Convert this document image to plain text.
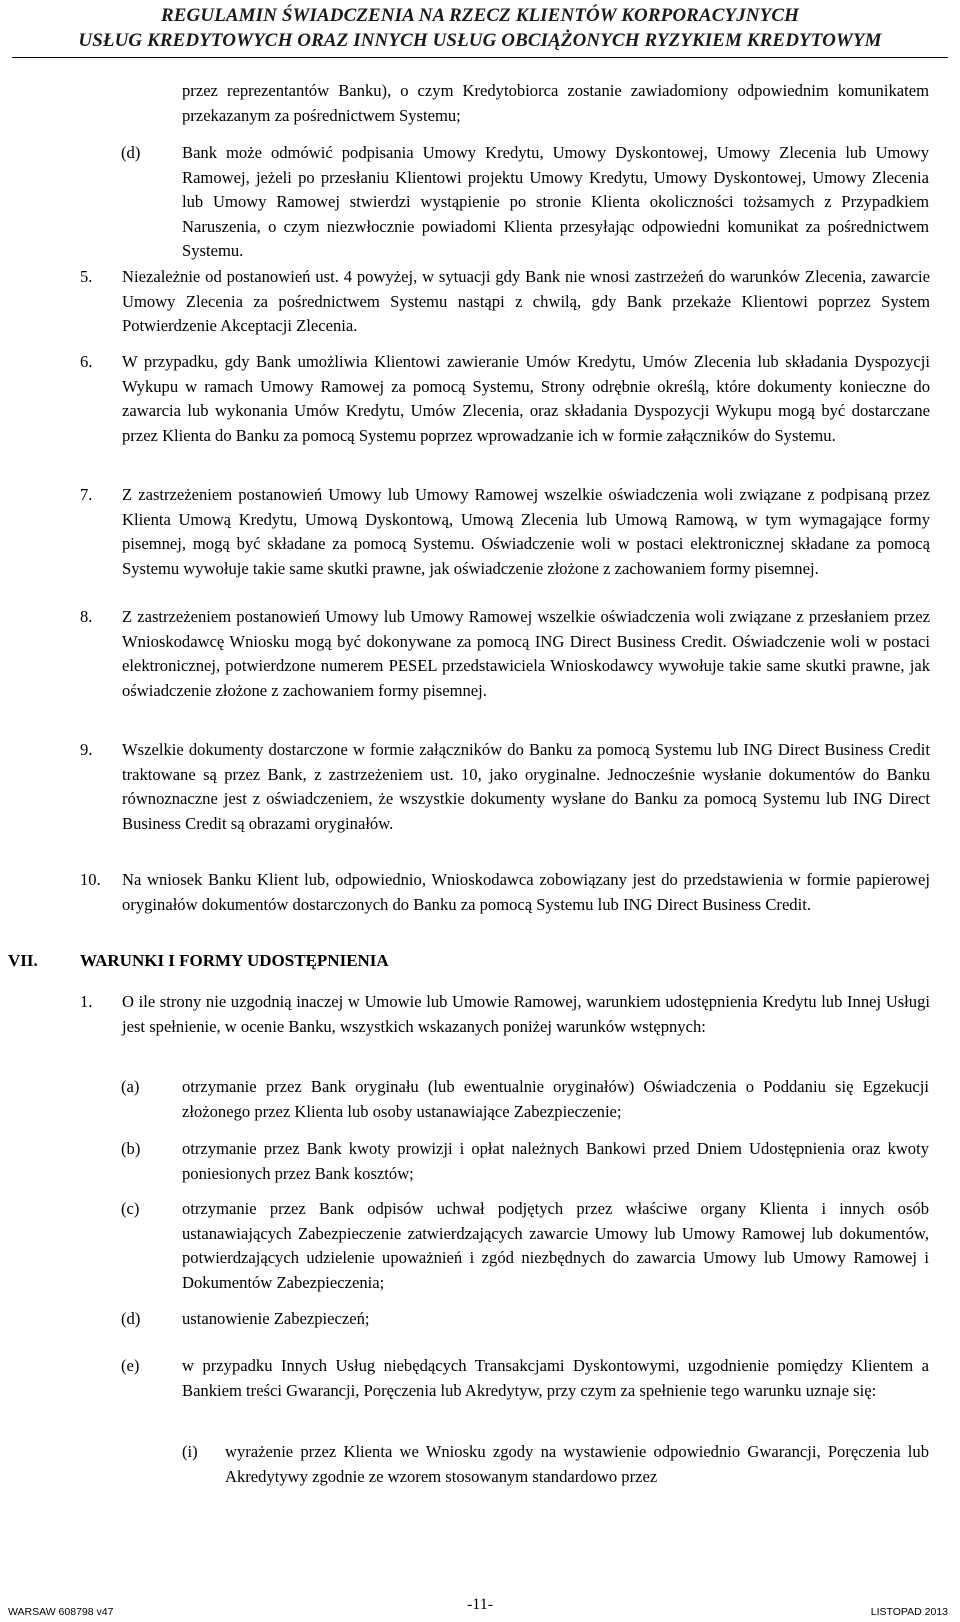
REGULAMIN ŚWIADCZENIA NA RZECZ KLIENTÓW KORPORACYJNYCH
USŁUG KREDYTOWYCH ORAZ INNYCH USŁUG OBCIĄŻONYCH RYZYKIEM KREDYTOWYM
przez reprezentantów Banku), o czym Kredytobiorca zostanie zawiadomiony odpowiednim komunikatem przekazanym za pośrednictwem Systemu;
(d)	Bank może odmówić podpisania Umowy Kredytu, Umowy Dyskontowej, Umowy Zlecenia lub Umowy Ramowej, jeżeli po przesłaniu Klientowi projektu Umowy Kredytu, Umowy Dyskontowej, Umowy Zlecenia lub Umowy Ramowej stwierdzi wystąpienie po stronie Klienta okoliczności tożsamych z Przypadkiem Naruszenia, o czym niezwłocznie powiadomi Klienta przesyłając odpowiedni komunikat za pośrednictwem Systemu.
5. Niezależnie od postanowień ust. 4 powyżej, w sytuacji gdy Bank nie wnosi zastrzeżeń do warunków Zlecenia, zawarcie Umowy Zlecenia za pośrednictwem Systemu nastąpi z chwilą, gdy Bank przekaże Klientowi poprzez System Potwierdzenie Akceptacji Zlecenia.
6. W przypadku, gdy Bank umożliwia Klientowi zawieranie Umów Kredytu, Umów Zlecenia lub składania Dyspozycji Wykupu w ramach Umowy Ramowej za pomocą Systemu, Strony odrębnie określą, które dokumenty konieczne do zawarcia lub wykonania Umów Kredytu, Umów Zlecenia, oraz składania Dyspozycji Wykupu mogą być dostarczane przez Klienta do Banku za pomocą Systemu poprzez wprowadzanie ich w formie załączników do Systemu.
7. Z zastrzeżeniem postanowień Umowy lub Umowy Ramowej wszelkie oświadczenia woli związane z podpisaną przez Klienta Umową Kredytu, Umową Dyskontową, Umową Zlecenia lub Umową Ramową, w tym wymagające formy pisemnej, mogą być składane za pomocą Systemu. Oświadczenie woli w postaci elektronicznej składane za pomocą Systemu wywołuje takie same skutki prawne, jak oświadczenie złożone z zachowaniem formy pisemnej.
8. Z zastrzeżeniem postanowień Umowy lub Umowy Ramowej wszelkie oświadczenia woli związane z przesłaniem przez Wnioskodawcę Wniosku mogą być dokonywane za pomocą ING Direct Business Credit. Oświadczenie woli w postaci elektronicznej, potwierdzone numerem PESEL przedstawiciela Wnioskodawcy wywołuje takie same skutki prawne, jak oświadczenie złożone z zachowaniem formy pisemnej.
9. Wszelkie dokumenty dostarczone w formie załączników do Banku za pomocą Systemu lub ING Direct Business Credit traktowane są przez Bank, z zastrzeżeniem ust. 10, jako oryginalne. Jednocześnie wysłanie dokumentów do Banku równoznaczne jest z oświadczeniem, że wszystkie dokumenty wysłane do Banku za pomocą Systemu lub ING Direct Business Credit są obrazami oryginałów.
10. Na wniosek Banku Klient lub, odpowiednio, Wnioskodawca zobowiązany jest do przedstawienia w formie papierowej oryginałów dokumentów dostarczonych do Banku za pomocą Systemu lub ING Direct Business Credit.
VII. WARUNKI I FORMY UDOSTĘPNIENIA
1. O ile strony nie uzgodnią inaczej w Umowie lub Umowie Ramowej, warunkiem udostępnienia Kredytu lub Innej Usługi jest spełnienie, w ocenie Banku, wszystkich wskazanych poniżej warunków wstępnych:
(a)	otrzymanie przez Bank oryginału (lub ewentualnie oryginałów) Oświadczenia o Poddaniu się Egzekucji złożonego przez Klienta lub osoby ustanawiające Zabezpieczenie;
(b)	otrzymanie przez Bank kwoty prowizji i opłat należnych Bankowi przed Dniem Udostępnienia oraz kwoty poniesionych przez Bank kosztów;
(c)	otrzymanie przez Bank odpisów uchwał podjętych przez właściwe organy Klienta i innych osób ustanawiających Zabezpieczenie zatwierdzających zawarcie Umowy lub Umowy Ramowej lub dokumentów, potwierdzających udzielenie upoważnień i zgód niezbędnych do zawarcia Umowy lub Umowy Ramowej i Dokumentów Zabezpieczenia;
(d)	ustanowienie Zabezpieczeń;
(e)	w przypadku Innych Usług niebędących Transakcjami Dyskontowymi, uzgodnienie pomiędzy Klientem a Bankiem treści Gwarancji, Poręczenia lub Akredytyw, przy czym za spełnienie tego warunku uznaje się:
(i) wyrażenie przez Klienta we Wniosku zgody na wystawienie odpowiednio Gwarancji, Poręczenia lub Akredytywy zgodnie ze wzorem stosowanym standardowo przez
WARSAW 608798 v47	-11-	LISTOPAD 2013
